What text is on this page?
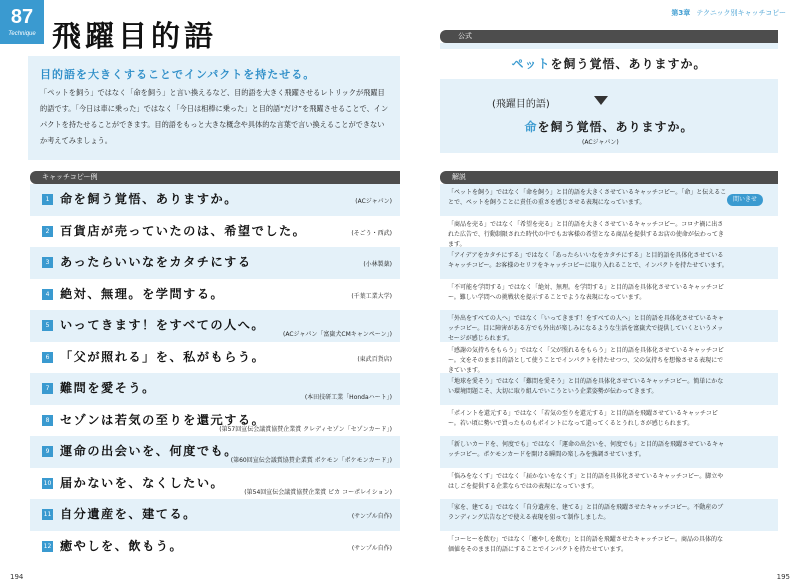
87
Technique 飛躍目的語
目的語を大きくすることでインパクトを持たせる。
「ペットを飼う」ではなく「命を飼う」と言い換えるなど、目的語を大きく飛躍させるレトリックが飛躍目的語です。「今日は車に乗った」ではなく「今日は相棒に乗った」と目的語“だけ”を飛躍させることで、インパクトを持たせることができます。目的語をもっと大きな概念や具体的な言葉で言い換えることができないか考えてみましょう。
第3章 テクニック別キャッチコピー
公式
ペットを飼う覚悟、ありますか。
(飛躍目的語)
命を飼う覚悟、ありますか。
(ACジャパン)
キャッチコピー例	解説
1 命を飼う覚悟、ありますか。	(ACジャパン)
「ペットを飼う」ではなく「命を飼う」と目的語を大きくさせているキャッチコピー。「命」と伝えることで、ペットを飼うことに責任の重さを感じさせる表現になっています。	間いきせ
2 百貨店が売っていたのは、希望でした。	(そごう・西武)
「商品を売る」ではなく「希望を売る」と目的語を大きくさせているキャッチコピー。コロナ禍に出された広告で、行動制限された時代の中でもお客様の希望となる商品を提供するお店の使命が伝わってきます。
3 あったらいいなをカタチにする	(小林製薬)
「アイデアをカタチにする」ではなく「あったらいいなをカタチにする」と目的語を具体化させているキャッチコピー。お客様のセリフをキャッチコピーに取り入れることで、インパクトを持たせています。
4 絶対、無理。を学問する。	(千葉工業大学)
「不可能を学問する」ではなく「絶対、無理。を学問する」と目的語を具体化させているキャッチコピー。難しい学問への挑戦状を提示することでような表現になっています。
5 いってきます！をすべての人へ。
(ACジャパン「富嶽犬CMキャンペーン」)
「外出をすべての人へ」ではなく「いってきます！をすべての人へ」と目的語を具体化させているキャッチコピー。目に障害がある方でも外出が楽しみになるような生活を富嶽犬で提供していくというメッセージが感じられます。
6 「父が照れる」を、私がもらう。	(東武百貨店)
「感謝の気持ちをもらう」ではなく「父が照れるをもらう」と目的語を具体化させているキャッチコピー。文をそのまま目的語として使うことでインパクトを持たせつつ、父の気持ちを想像させる表現にできています。
7 難問を愛そう。
(本田技研工業「Hondaハート」)
「地球を愛そう」ではなく「難問を愛そう」と目的語を具体化させているキャッチコピー。簡単にかない環境問題こそ、大切に取り組んでいこうという企業姿勢が伝わってきます。
8 セゾンは若気の至りを還元する。
(第57回宣伝会議賞協賛企業賞 クレディセゾン「セゾンカード」)
「ポイントを還元する」ではなく「若気の至りを還元する」と目的語を飛躍させているキャッチコピー。若い頃に勢いで買ったものもポイントになって還ってくるとうれしさが感じられます。
9 運命の出会いを、何度でも。
(第60回宣伝会議賞協賛企業賞 ポケモン「ポケモンカード」)
「新しいカードを、何度でも」ではなく「運命の出会いを、何度でも」と目的語を飛躍させているキャッチコピー。ポケモンカードを開ける瞬間の楽しみを強調させています。
10 届かないを、なくしたい。
(第54回宣伝会議賞協賛企業賞 ピカ コーポレイション)
「悩みをなくす」ではなく「届かないをなくす」と目的語を具体化させているキャッチコピー。脚立やはしごを提供する企業ならではの表現になっています。
11 自分遺産を、建てる。	(サンプル自作)
「家を、建てる」ではなく「自分遺産を、建てる」と目的語を飛躍させたキャッチコピー。不動産のブランディング広告などで使える表現を狙って制作しました。
12 癒やしを、飲もう。	(サンプル自作)
「コーヒーを飲む」ではなく「癒やしを飲む」と目的語を飛躍させたキャッチコピー。商品の具体的な価値をそのまま目的語にすることでインパクトを持たせています。
194	195
